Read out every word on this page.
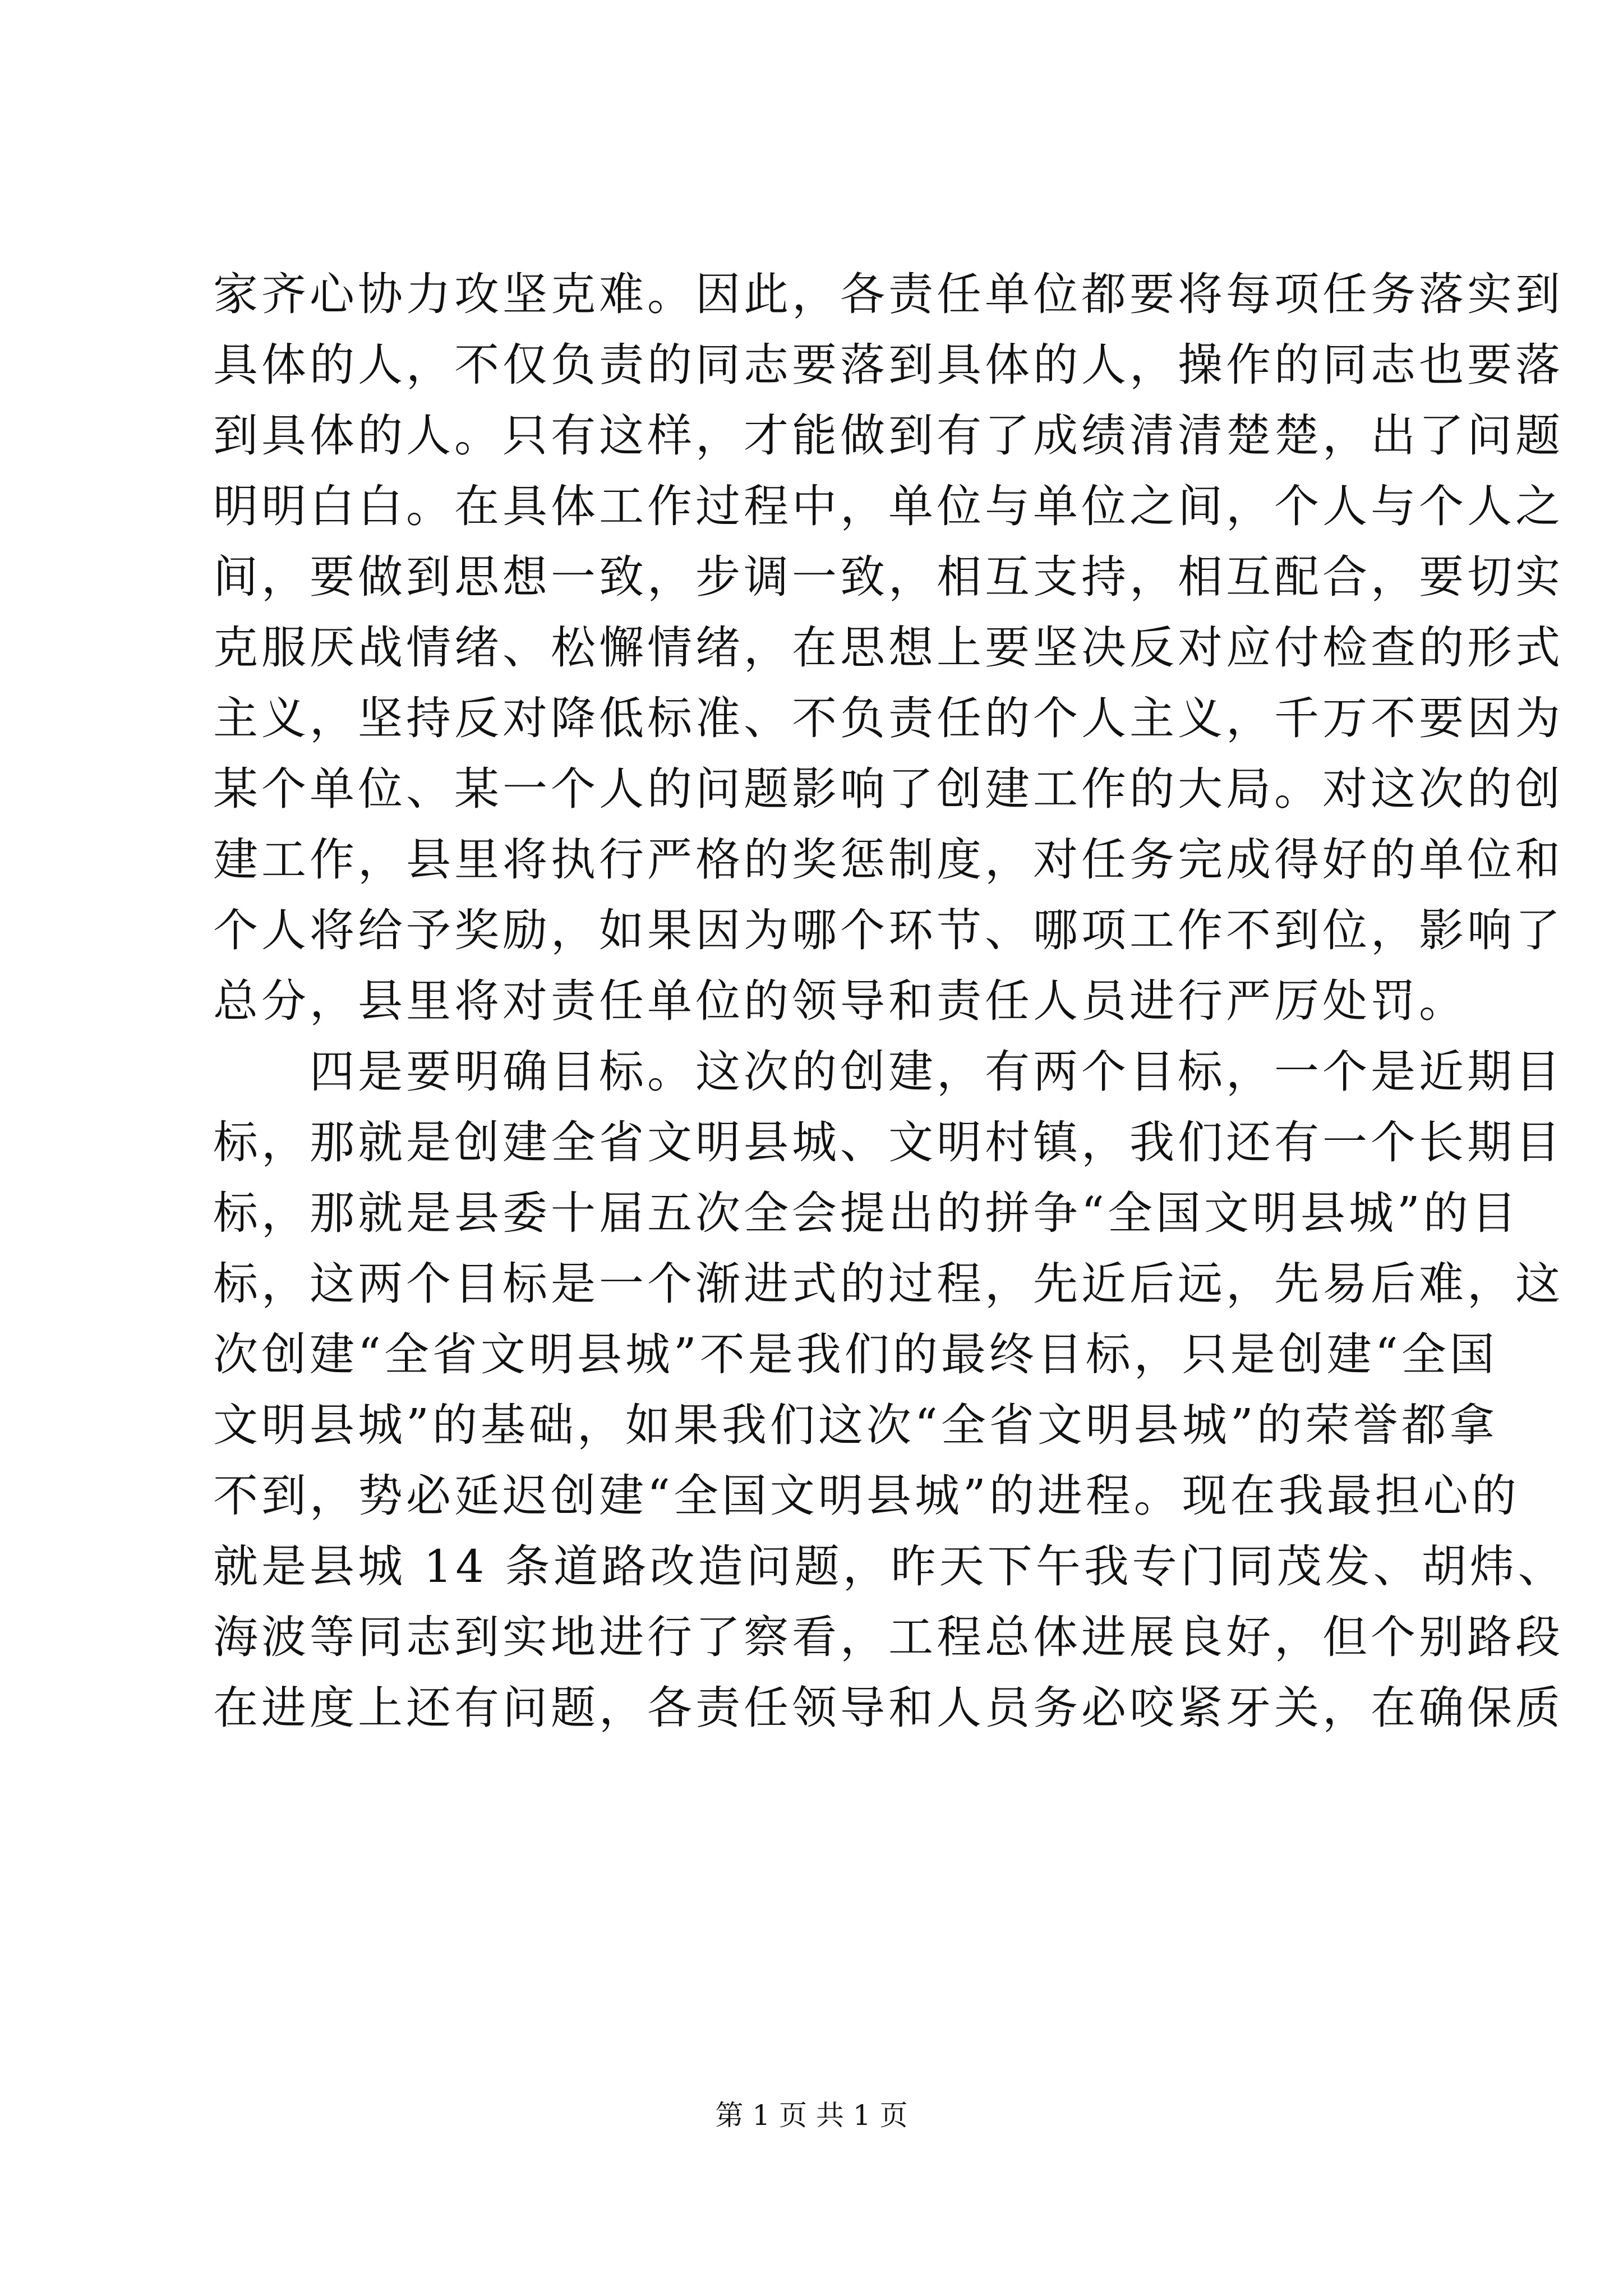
家齐心协力攻坚克难。因此，各责任单位都要将每项任务落实到
具体的人，不仅负责的同志要落到具体的人，操作的同志也要落
到具体的人。只有这样，才能做到有了成绩清清楚楚，出了问题
明明白白。在具体工作过程中，单位与单位之间，个人与个人之
间，要做到思想一致，步调一致，相互支持，相互配合，要切实
克服厌战情绪、松懈情绪，在思想上要坚决反对应付检查的形式
主义，坚持反对降低标准、不负责任的个人主义，千万不要因为
某个单位、某一个人的问题影响了创建工作的大局。对这次的创
建工作，县里将执行严格的奖惩制度，对任务完成得好的单位和
个人将给予奖励，如果因为哪个环节、哪项工作不到位，影响了
总分，县里将对责任单位的领导和责任人员进行严厉处罚。
　　四是要明确目标。这次的创建，有两个目标，一个是近期目
标，那就是创建全省文明县城、文明村镇，我们还有一个长期目
标，那就是县委十届五次全会提出的拼争“全国文明县城”的目
标，这两个目标是一个渐进式的过程，先近后远，先易后难，这
次创建“全省文明县城”不是我们的最终目标，只是创建“全国
文明县城”的基础，如果我们这次“全省文明县城”的荣誉都拿
不到，势必延迟创建“全国文明县城”的进程。现在我最担心的
就是县城 14 条道路改造问题，昨天下午我专门同茂发、胡炜、
海波等同志到实地进行了察看，工程总体进展良好，但个别路段
在进度上还有问题，各责任领导和人员务必咬紧牙关，在确保质
第 1 页 共 1 页
